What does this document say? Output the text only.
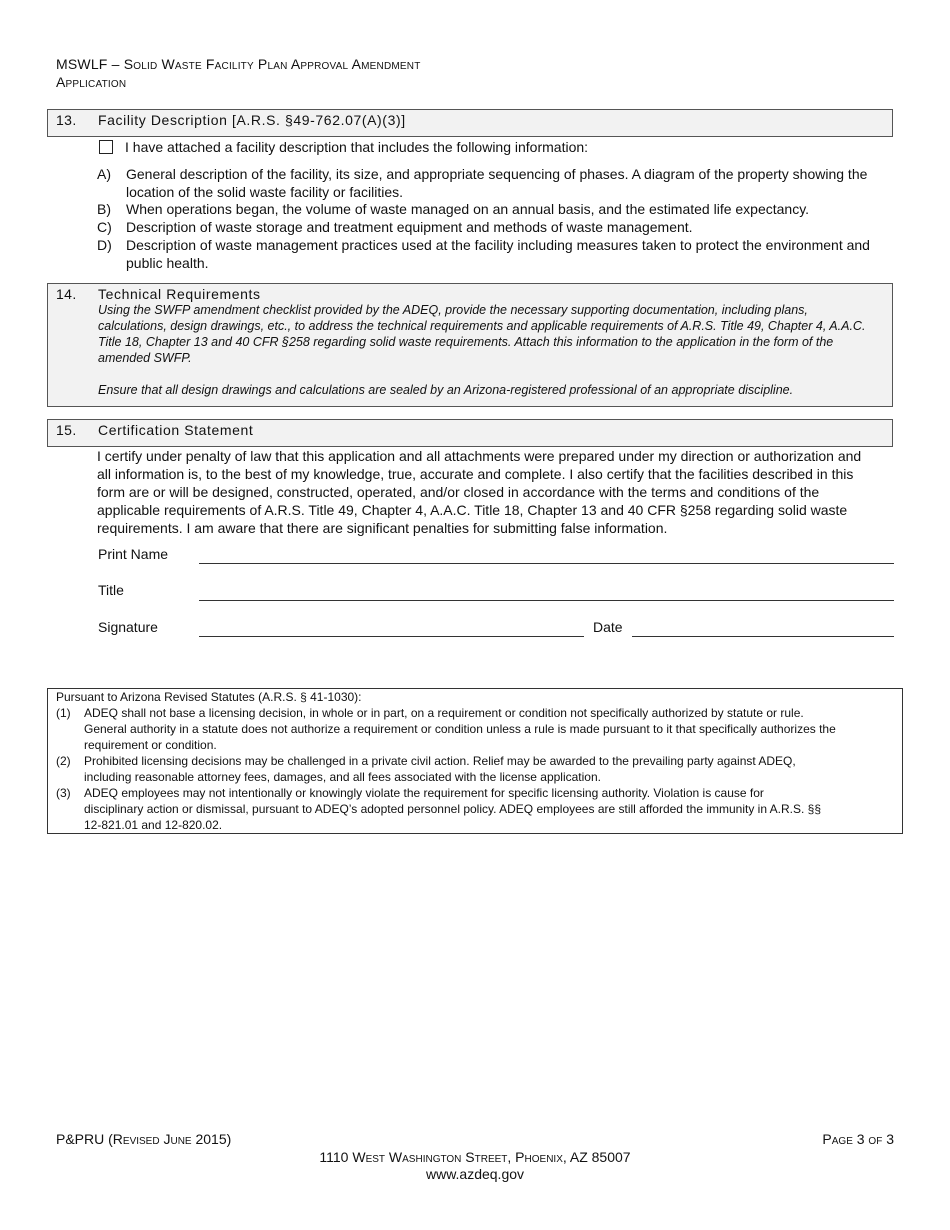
MSWLF – Solid Waste Facility Plan Approval Amendment
Application
13. Facility Description [A.R.S. §49-762.07(A)(3)]
I have attached a facility description that includes the following information:
A) General description of the facility, its size, and appropriate sequencing of phases. A diagram of the property showing the
location of the solid waste facility or facilities.
B) When operations began, the volume of waste managed on an annual basis, and the estimated life expectancy.
C) Description of waste storage and treatment equipment and methods of waste management.
D) Description of waste management practices used at the facility including measures taken to protect the environment and
public health.
14. Technical Requirements
Using the SWFP amendment checklist provided by the ADEQ, provide the necessary supporting documentation, including plans,
calculations, design drawings, etc., to address the technical requirements and applicable requirements of A.R.S. Title 49, Chapter 4, A.A.C.
Title 18, Chapter 13 and 40 CFR §258 regarding solid waste requirements. Attach this information to the application in the form of the
amended SWFP.
Ensure that all design drawings and calculations are sealed by an Arizona-registered professional of an appropriate discipline.
15. Certification Statement
I certify under penalty of law that this application and all attachments were prepared under my direction or authorization and
all information is, to the best of my knowledge, true, accurate and complete. I also certify that the facilities described in this
form are or will be designed, constructed, operated, and/or closed in accordance with the terms and conditions of the
applicable requirements of A.R.S. Title 49, Chapter 4, A.A.C. Title 18, Chapter 13 and 40 CFR §258 regarding solid waste
requirements. I am aware that there are significant penalties for submitting false information.
Print Name
Title
Signature	Date
Pursuant to Arizona Revised Statutes (A.R.S. § 41-1030):
(1) ADEQ shall not base a licensing decision, in whole or in part, on a requirement or condition not specifically authorized by statute or rule.
General authority in a statute does not authorize a requirement or condition unless a rule is made pursuant to it that specifically authorizes the
requirement or condition.
(2) Prohibited licensing decisions may be challenged in a private civil action. Relief may be awarded to the prevailing party against ADEQ,
including reasonable attorney fees, damages, and all fees associated with the license application.
(3) ADEQ employees may not intentionally or knowingly violate the requirement for specific licensing authority. Violation is cause for
disciplinary action or dismissal, pursuant to ADEQ’s adopted personnel policy. ADEQ employees are still afforded the immunity in A.R.S. §§
12-821.01 and 12-820.02.
P&PRU (Revised June 2015)	Page 3 of 3
1110 West Washington Street, Phoenix, AZ 85007
www.azdeq.gov
